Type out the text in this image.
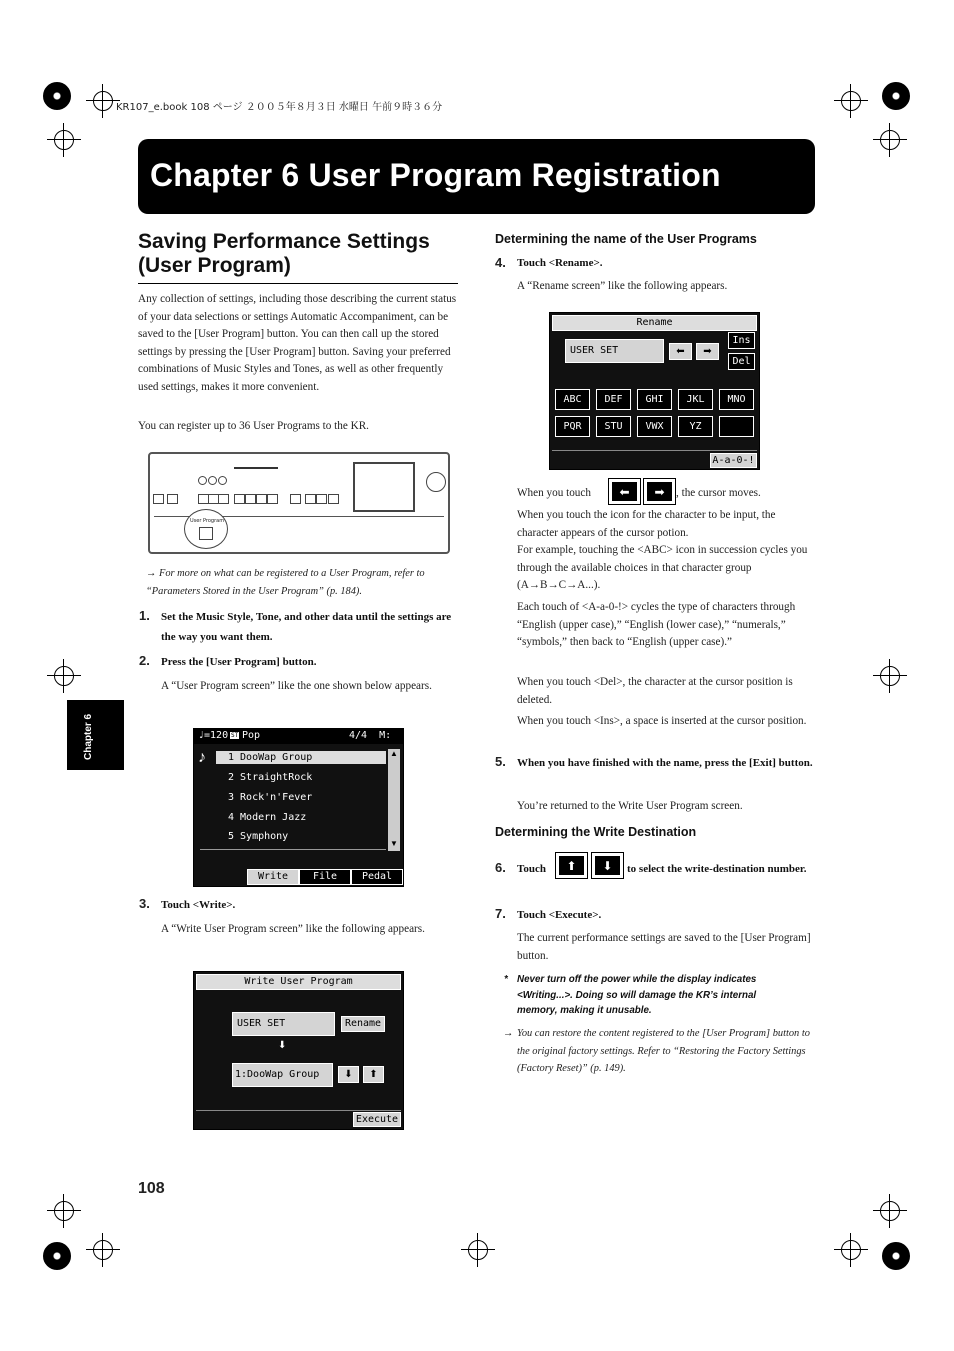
KR107_e.book 108 ページ ２００５年８月３日 水曜日 午前９時３６分
Chapter 6 User Program Registration
Chapter 6
Saving Performance Settings (User Program)
Any collection of settings, including those describing the current status of your data selections or settings Automatic Accompaniment, can be saved to the [User Program] button. You can then call up the stored settings by pressing the [User Program] button. Saving your preferred combinations of Music Styles and Tones, as well as other frequently used settings, makes it more convenient.
You can register up to 36 User Programs to the KR.
User Program
→ For more on what can be registered to a User Program, refer to “Parameters Stored in the User Program” (p. 184).
1. Set the Music Style, Tone, and other data until the settings are the way you want them.
2. Press the [User Program] button.
A “User Program screen” like the one shown below appears.
♩=120 ST Pop	4/4  M:  1
♪ 1 DooWap Group
2 StraightRock
3 Rock'n'Fever
4 Modern Jazz
5 Symphony
▲
▼
Write	File	Pedal
3. Touch <Write>.
A “Write User Program screen” like the following appears.
Write User Program
USER SET	Rename
⬇
1:DooWap Group	⬇	⬆
Execute
Determining the name of the User Programs
4. Touch <Rename>.
A “Rename screen” like the following appears.
Rename
USER SET	⬅	➡
Ins
Del
ABC	DEF	GHI	JKL	MNO
PQR	STU	VWX	YZ
A-a-0-!
When you touch	⬅	➡	, the cursor moves.
When you touch the icon for the character to be input, the character appears of the cursor potion.
For example, touching the <ABC> icon in succession cycles you through the available choices in that character group (A→B→C→A...).
Each touch of <A-a-0-!> cycles the type of characters through “English (upper case),” “English (lower case),” “numerals,” “symbols,” then back to “English (upper case).”
When you touch <Del>, the character at the cursor position is deleted.
When you touch <Ins>, a space is inserted at the cursor position.
5. When you have finished with the name, press the [Exit] button.
You’re returned to the Write User Program screen.
Determining the Write Destination
6. Touch	⬆	⬇	to select the write-destination number.
7. Touch <Execute>.
The current performance settings are saved to the [User Program] button.
* Never turn off the power while the display indicates <Writing...>. Doing so will damage the KR’s internal memory, making it unusable.
→ You can restore the content registered to the [User Program] button to the original factory settings. Refer to “Restoring the Factory Settings (Factory Reset)” (p. 149).
108
